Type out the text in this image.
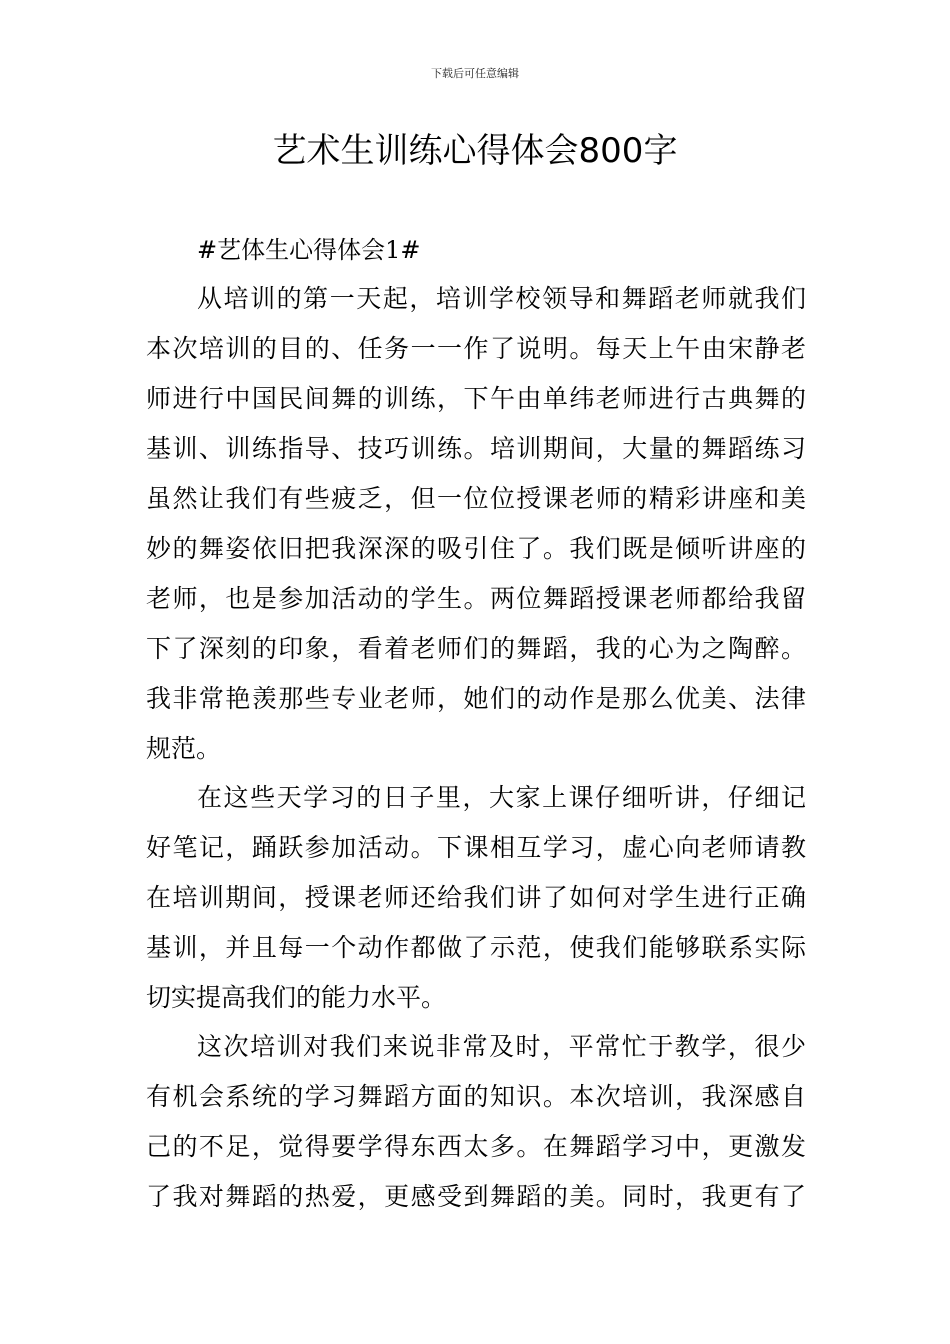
下载后可任意编辑
艺术生训练心得体会800字
#艺体生心得体会1#
从培训的第一天起，培训学校领导和舞蹈老师就我们
本次培训的目的、任务一一作了说明。每天上午由宋静老
师进行中国民间舞的训练，下午由单纬老师进行古典舞的
基训、训练指导、技巧训练。培训期间，大量的舞蹈练习
虽然让我们有些疲乏，但一位位授课老师的精彩讲座和美
妙的舞姿依旧把我深深的吸引住了。我们既是倾听讲座的
老师，也是参加活动的学生。两位舞蹈授课老师都给我留
下了深刻的印象，看着老师们的舞蹈，我的心为之陶醉。
我非常艳羡那些专业老师，她们的动作是那么优美、法律
规范。
在这些天学习的日子里，大家上课仔细听讲，仔细记
好笔记，踊跃参加活动。下课相互学习，虚心向老师请教
在培训期间，授课老师还给我们讲了如何对学生进行正确
基训，并且每一个动作都做了示范，使我们能够联系实际
切实提高我们的能力水平。
这次培训对我们来说非常及时，平常忙于教学，很少
有机会系统的学习舞蹈方面的知识。本次培训，我深感自
己的不足，觉得要学得东西太多。在舞蹈学习中，更激发
了我对舞蹈的热爱，更感受到舞蹈的美。同时，我更有了
